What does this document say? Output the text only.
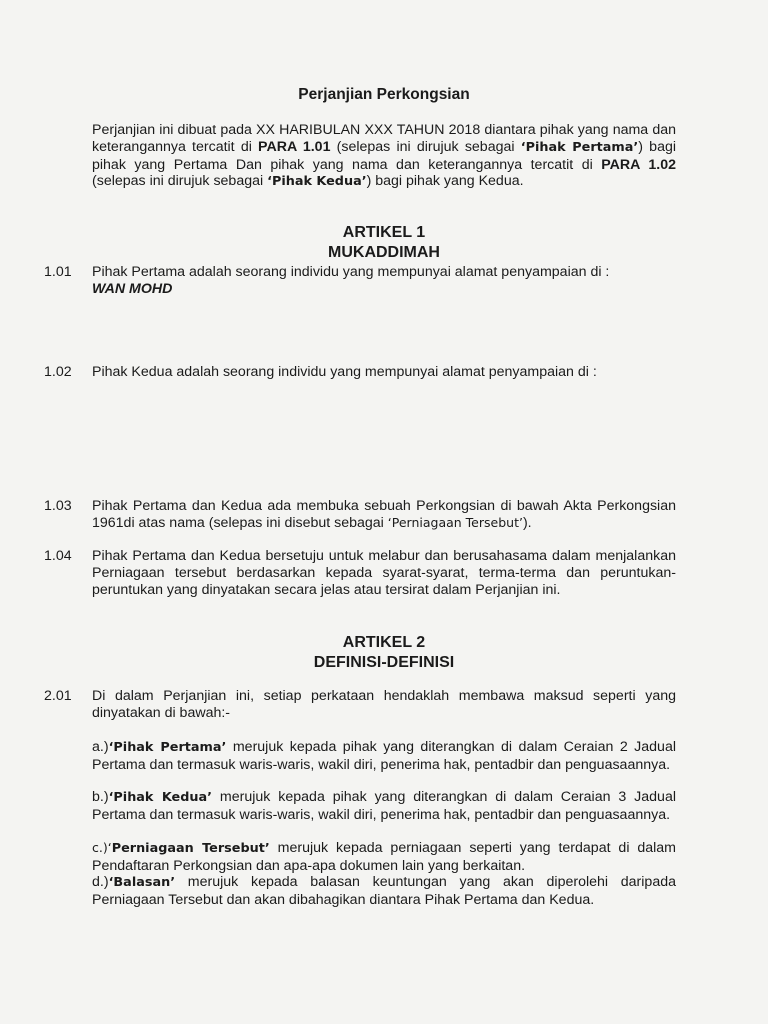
Perjanjian Perkongsian
Perjanjian ini dibuat pada XX HARIBULAN XXX TAHUN 2018 diantara pihak yang nama dan keterangannya tercatit di PARA 1.01 (selepas ini dirujuk sebagai ‘Pihak Pertama’) bagi pihak yang Pertama Dan pihak yang nama dan keterangannya tercatit di PARA 1.02 (selepas ini dirujuk sebagai ‘Pihak Kedua’) bagi pihak yang Kedua.
ARTIKEL 1
MUKADDIMAH
1.01	Pihak Pertama adalah seorang individu yang mempunyai alamat penyampaian di :
WAN MOHD
1.02	Pihak Kedua adalah seorang individu yang mempunyai alamat penyampaian di :
1.03	Pihak Pertama dan Kedua ada membuka sebuah Perkongsian di bawah Akta Perkongsian 1961di atas nama (selepas ini disebut sebagai ‘Perniagaan Tersebut’).
1.04	Pihak Pertama dan Kedua bersetuju untuk melabur dan berusahasama dalam menjalankan Perniagaan tersebut berdasarkan kepada syarat-syarat, terma-terma dan peruntukan-peruntukan yang dinyatakan secara jelas atau tersirat dalam Perjanjian ini.
ARTIKEL 2
DEFINISI-DEFINISI
2.01	Di dalam Perjanjian ini, setiap perkataan hendaklah membawa maksud seperti yang dinyatakan di bawah:-
a.)‘Pihak Pertama’ merujuk kepada pihak yang diterangkan di dalam Ceraian 2 Jadual Pertama dan termasuk waris-waris, wakil diri, penerima hak, pentadbir dan penguasaannya.
b.)‘Pihak Kedua’ merujuk kepada pihak yang diterangkan di dalam Ceraian 3 Jadual Pertama dan termasuk waris-waris, wakil diri, penerima hak, pentadbir dan penguasaannya.
c.)‘Perniagaan Tersebut’ merujuk kepada perniagaan seperti yang terdapat di dalam Pendaftaran Perkongsian dan apa-apa dokumen lain yang berkaitan.
d.)‘Balasan’ merujuk kepada balasan keuntungan yang akan diperolehi daripada Perniagaan Tersebut dan akan dibahagikan diantara Pihak Pertama dan Kedua.
